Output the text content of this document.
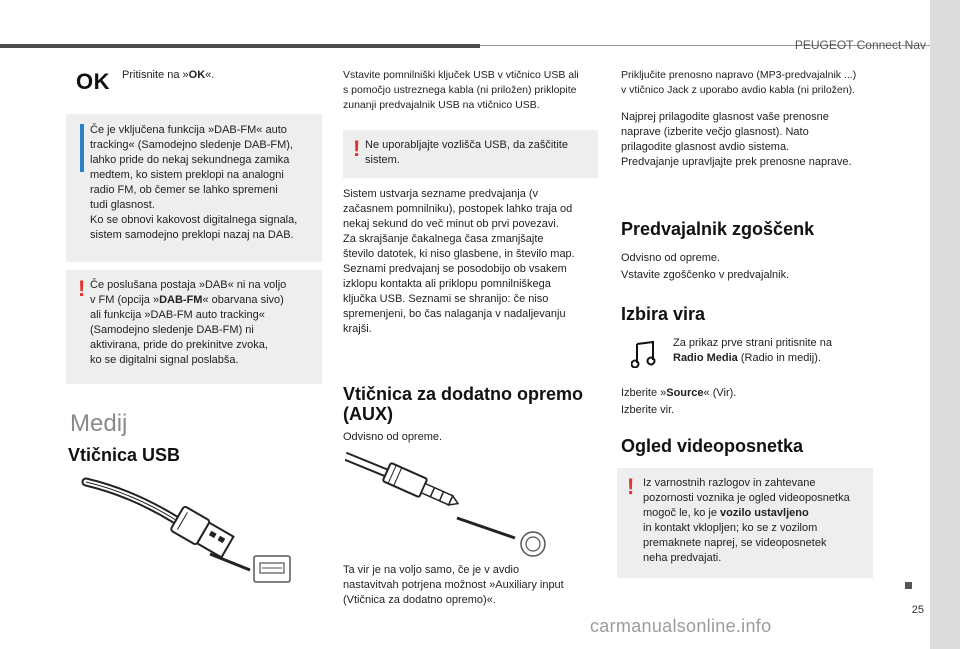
PEUGEOT Connect Nav
OK Pritisnite na »OK«.
Če je vključena funkcija »DAB-FM« auto
tracking« (Samodejno sledenje DAB-FM),
lahko pride do nekaj sekundnega zamika
medtem, ko sistem preklopi na analogni
radio FM, ob čemer se lahko spremeni
tudi glasnost.
Ko se obnovi kakovost digitalnega signala,
sistem samodejno preklopi nazaj na DAB.
! Če poslušana postaja »DAB« ni na voljo
v FM (opcija »DAB-FM« obarvana sivo)
ali funkcija »DAB-FM auto tracking«
(Samodejno sledenje DAB-FM) ni
aktivirana, pride do prekinitve zvoka,
ko se digitalni signal poslabša.
Medij
Vtičnica USB
Vstavite pomnilniški ključek USB v vtičnico USB ali
s pomočjo ustreznega kabla (ni priložen) priklopite
zunanji predvajalnik USB na vtičnico USB.
! Ne uporabljajte vozlišča USB, da zaščitite
sistem.
Sistem ustvarja sezname predvajanja (v
začasnem pomnilniku), postopek lahko traja od
nekaj sekund do več minut ob prvi povezavi.
Za skrajšanje čakalnega časa zmanjšajte
število datotek, ki niso glasbene, in število map.
Seznami predvajanj se posodobijo ob vsakem
izklopu kontakta ali priklopu pomnilniškega
ključka USB. Seznami se shranijo: če niso
spremenjeni, bo čas nalaganja v nadaljevanju
krajši.
Vtičnica za dodatno opremo
(AUX)
Odvisno od opreme.
Ta vir je na voljo samo, če je v avdio
nastavitvah potrjena možnost »Auxiliary input
(Vtičnica za dodatno opremo)«.
Priključite prenosno napravo (MP3-predvajalnik ...)
v vtičnico Jack z uporabo avdio kabla (ni priložen).
Najprej prilagodite glasnost vaše prenosne
naprave (izberite večjo glasnost). Nato
prilagodite glasnost avdio sistema.
Predvajanje upravljajte prek prenosne naprave.
Predvajalnik zgoščenk
Odvisno od opreme.
Vstavite zgoščenko v predvajalnik.
Izbira vira
Za prikaz prve strani pritisnite na
Radio Media (Radio in medij).
Izberite »Source« (Vir).
Izberite vir.
Ogled videoposnetka
! Iz varnostnih razlogov in zahtevane
pozornosti voznika je ogled videoposnetka
mogoč le, ko je vozilo ustavljeno
in kontakt vklopljen; ko se z vozilom
premaknete naprej, se videoposnetek
neha predvajati.
25
carmanualsonline.info
